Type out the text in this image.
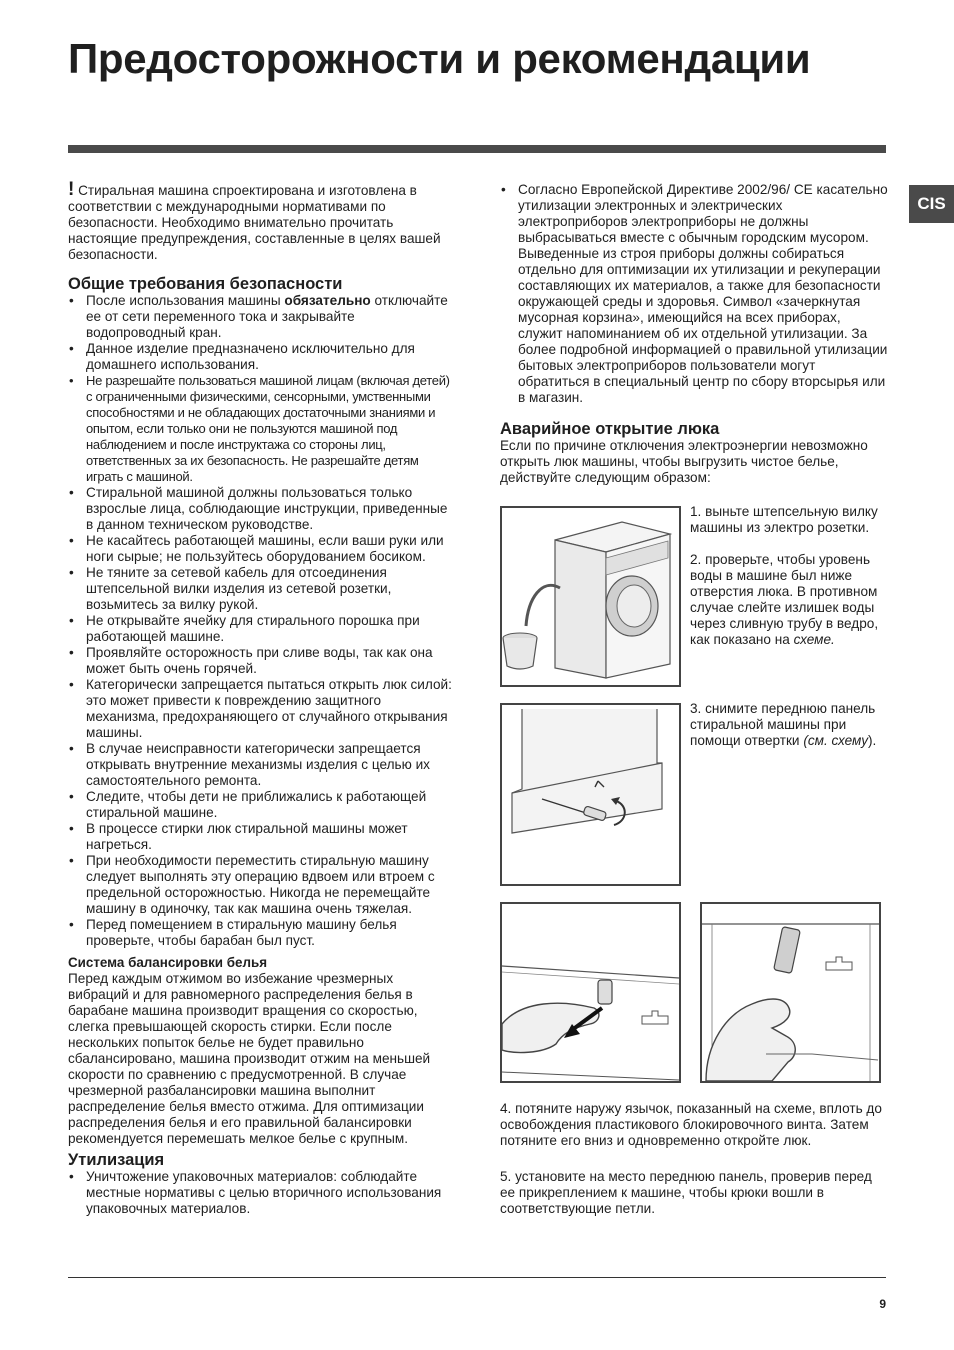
Предосторожности и рекомендации
CIS

! Стиральная машина спроектирована и изготовлена в соответствии с международными нормативами по безопасности. Необходимо внимательно прочитать настоящие предупреждения, составленные в целях вашей безопасности.

Общие требования безопасности
• После использования машины обязательно отключайте ее от сети переменного тока и закрывайте водопроводный кран.
• Данное изделие предназначено исключительно для домашнего использования.
• Не разрешайте пользоваться машиной лицам (включая детей) с ограниченными физическими, сенсорными, умственными способностями и не обладающих достаточными знаниями и опытом, если только они не пользуются машиной под наблюдением и после инструктажа со стороны лиц, ответственных за их безопасность. Не разрешайте детям играть с машиной.
• Стиральной машиной должны пользоваться только взрослые лица, соблюдающие инструкции, приведенные в данном техническом руководстве.
• Не касайтесь работающей машины, если ваши руки или ноги сырые; не пользуйтесь оборудованием босиком.
• Не тяните за сетевой кабель для отсоединения штепсельной вилки изделия из сетевой розетки, возьмитесь за вилку рукой.
• Не открывайте ячейку для стирального порошка при работающей машине.
• Проявляйте осторожность при сливе воды, так как она может быть очень горячей.
• Категорически запрещается пытаться открыть люк силой: это может привести к повреждению защитного механизма, предохраняющего от случайного открывания машины.
• В случае неисправности категорически запрещается открывать внутренние механизмы изделия с целью их самостоятельного ремонта.
• Следите, чтобы дети не приближались к работающей стиральной машине.
• В процессе стирки люк стиральной машины может нагреться.
• При необходимости переместить стиральную машину следует выполнять эту операцию вдвоем или втроем с предельной осторожностью. Никогда не перемещайте машину в одиночку, так как машина очень тяжелая.
• Перед помещением в стиральную машину белья проверьте, чтобы барабан был пуст.
Система балансировки белья

Перед каждым отжимом во избежание чрезмерных вибраций и для равномерного распределения белья в барабане машина производит вращения со скоростью, слегка превышающей скорость стирки. Если после нескольких попыток белье не будет правильно сбалансировано, машина производит отжим на меньшей скорости по сравнению с предусмотренной. В случае чрезмерной разбалансировки машина выполнит распределение белья вместо отжима. Для оптимизации распределения белья и его правильной балансировки рекомендуется перемешать мелкое белье с крупным.

Утилизация
• Уничтожение упаковочных материалов: соблюдайте местные нормативы с целью вторичного использования упаковочных материалов.
• Согласно Европейской Директиве 2002/96/ CE касательно утилизации электронных и электрических электроприборов электроприборы не должны выбрасываться вместе с обычным городским мусором. Выведенные из строя приборы должны собираться отдельно для оптимизации их утилизации и рекуперации составляющих их материалов, а также для безопасности окружающей среды и здоровья. Символ «зачеркнутая мусорная корзина», имеющийся на всех приборах, служит напоминанием об их отдельной утилизации. За более подробной информацией о правильной утилизации бытовых электроприборов пользователи могут обратиться в специальный центр по сбору вторсырья или в магазин.
Аварийное открытие люка

Если по причине отключения электроэнергии невозможно открыть люк машины, чтобы выгрузить чистое белье, действуйте следующим образом:

1. выньте штепсельную вилку машины из электро розетки.
2. проверьте, чтобы уровень воды в машине был ниже отверстия люка. В противном случае слейте излишек воды через сливную трубу в ведро, как показано на схеме.
3. снимите переднюю панель стиральной машины при помощи отвертки (см. схему).
4. потяните наружу язычок, показанный на схеме, вплоть до освобождения пластикового блокировочного винта. Затем потяните его вниз и одновременно откройте люк.
5. установите на место переднюю панель, проверив перед ее прикреплением к машине, чтобы крюки вошли в соответствующие петли.
9
